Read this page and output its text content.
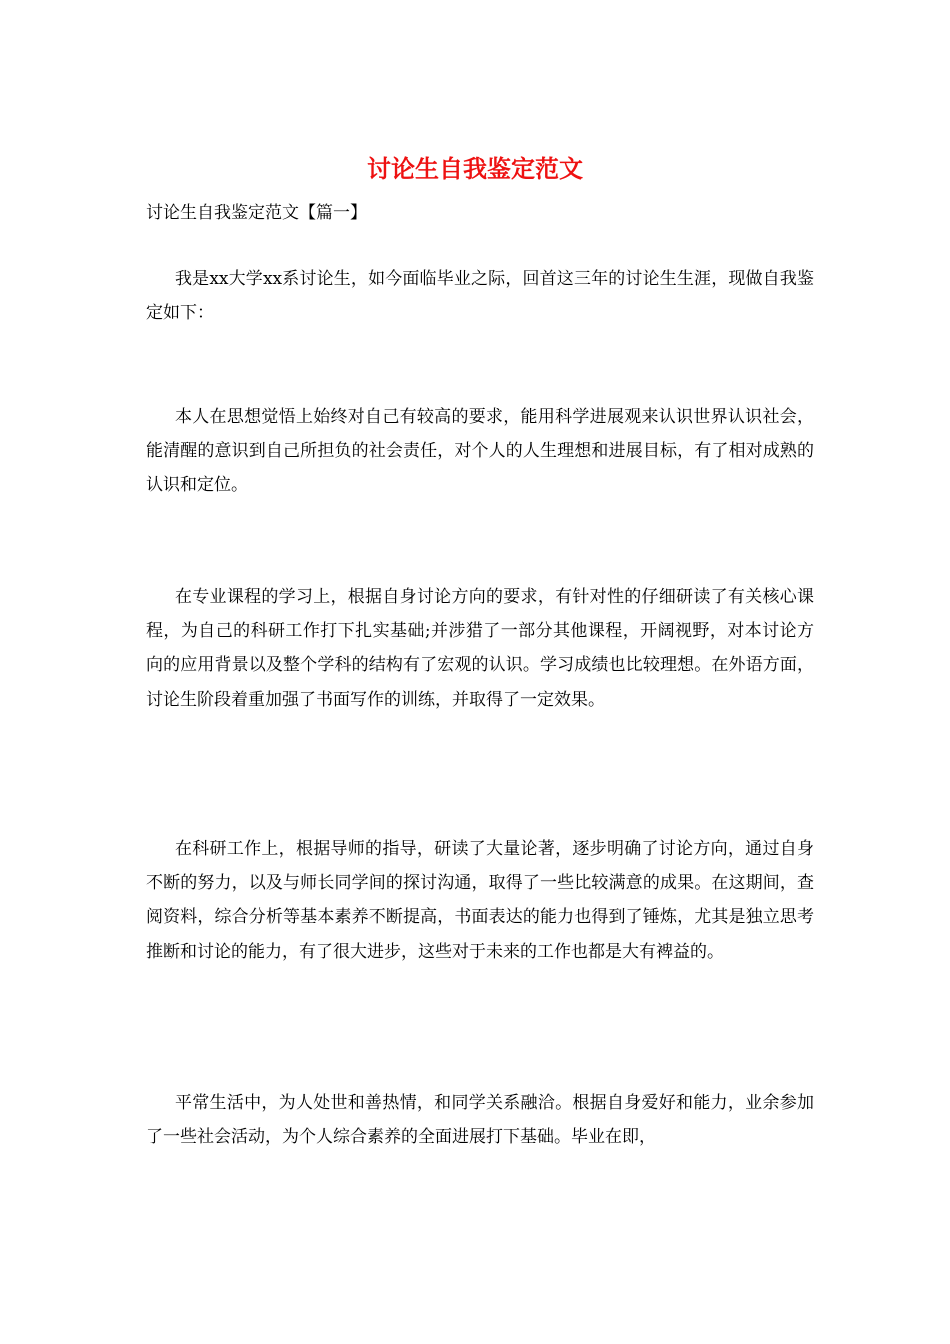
讨论生自我鉴定范文

讨论生自我鉴定范文【篇一】

我是xx大学xx系讨论生，如今面临毕业之际，回首这三年的讨论生生涯，现做自我鉴定如下：

本人在思想觉悟上始终对自己有较高的要求，能用科学进展观来认识世界认识社会，能清醒的意识到自己所担负的社会责任，对个人的人生理想和进展目标，有了相对成熟的认识和定位。

在专业课程的学习上，根据自身讨论方向的要求，有针对性的仔细研读了有关核心课程，为自己的科研工作打下扎实基础;并涉猎了一部分其他课程，开阔视野，对本讨论方向的应用背景以及整个学科的结构有了宏观的认识。学习成绩也比较理想。在外语方面，讨论生阶段着重加强了书面写作的训练，并取得了一定效果。

在科研工作上，根据导师的指导，研读了大量论著，逐步明确了讨论方向，通过自身不断的努力，以及与师长同学间的探讨沟通，取得了一些比较满意的成果。在这期间，查阅资料，综合分析等基本素养不断提高，书面表达的能力也得到了锤炼，尤其是独立思考推断和讨论的能力，有了很大进步，这些对于未来的工作也都是大有裨益的。

平常生活中，为人处世和善热情，和同学关系融洽。根据自身爱好和能力，业余参加了一些社会活动，为个人综合素养的全面进展打下基础。毕业在即，
